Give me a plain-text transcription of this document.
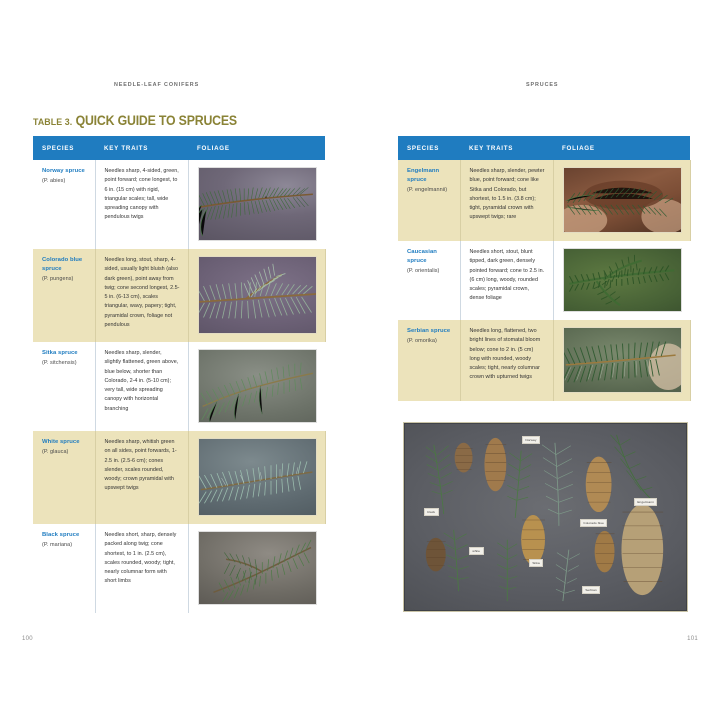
NEEDLE-LEAF CONIFERS
TABLE 3. QUICK GUIDE TO SPRUCES
SPECIES	KEY TRAITS	FOLIAGE

Norway spruce
(P. abies)	Needles sharp, 4-sided, green, point forward; cone longest, to 6 in. (15 cm) with rigid, triangular scales; tall, wide spreading canopy with pendulous twigs

Colorado blue spruce
(P. pungens)	Needles long, stout, sharp, 4-sided, usually light bluish (also dark green), point away from twig; cone second longest, 2.5-5 in. (6-13 cm), scales triangular, wavy, papery; tight, pyramidal crown, foliage not pendulous

Sitka spruce
(P. sitchensis)	Needles sharp, slender, slightly flattened, green above, blue below, shorter than Colorado, 2-4 in. (5-10 cm); very tall, wide spreading canopy with horizontal branching

White spruce
(P. glauca)	Needles sharp, whitish green on all sides, point forwards, 1-2.5 in. (2.5-6 cm); cones slender, scales rounded, woody; crown pyramidal with upswept twigs

Black spruce
(P. mariana)	Needles short, sharp, densely packed along twig; cone shortest, to 1 in. (2.5 cm), scales rounded, woody; tight, nearly columnar form with short limbs

100
SPRUCES
SPECIES	KEY TRAITS	FOLIAGE

Engelmann spruce
(P. engelmannii)	Needles sharp, slender, pewter blue, point forward; cone like Sitka and Colorado, but shortest, to 1.5 in. (3.8 cm); tight, pyramidal crown with upswept twigs; rare

Caucasian spruce
(P. orientalis)	Needles short, stout, blunt tipped, dark green, densely pointed forward; cone to 2.5 in. (6 cm) long, woody, rounded scales; pyramidal crown, dense foliage

Serbian spruce
(P. omorika)	Needles long, flattened, two bright lines of stomatal bloom below; cone to 2 in. (5 cm) long with rounded, woody scales; tight, nearly columnar crown with upturned twigs

Norway
black
white
Sitka
Colorado blue
Engelmann
Serbian
101
